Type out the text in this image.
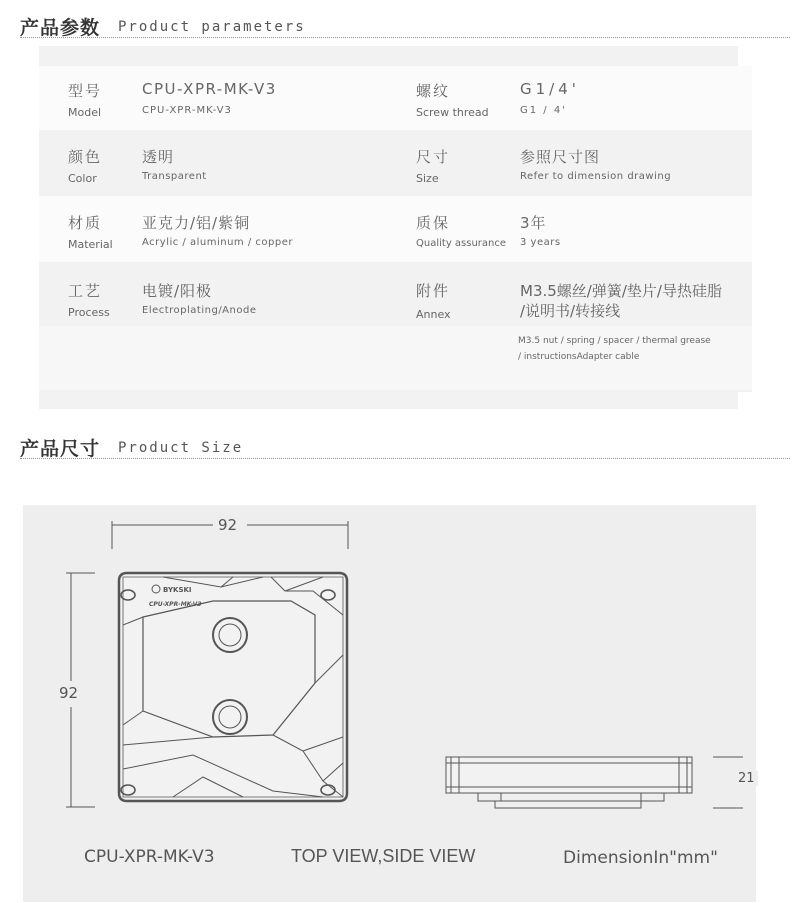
产品参数 Product parameters
型号
Model
CPU-XPR-MK-V3
CPU-XPR-MK-V3
螺纹
Screw thread
G1/4'
G1 / 4'
颜色
Color
透明
Transparent
尺寸
Size
参照尺寸图
Refer to dimension drawing
材质
Material
亚克力/铝/紫铜
Acrylic / aluminum / copper
质保
Quality assurance
3年
3 years
工艺
Process
电镀/阳极
Electroplating/Anode
附件
Annex
M3.5螺丝/弹簧/垫片/导热硅脂
/说明书/转接线
M3.5 nut / spring / spacer / thermal grease
/ instructionsAdapter cable
产品尺寸 Product Size
BYKSKI
CPU-XPR-MK-V3
92
92
21
CPU-XPR-MK-V3	TOP VIEW,SIDE VIEW	DimensionIn"mm"
